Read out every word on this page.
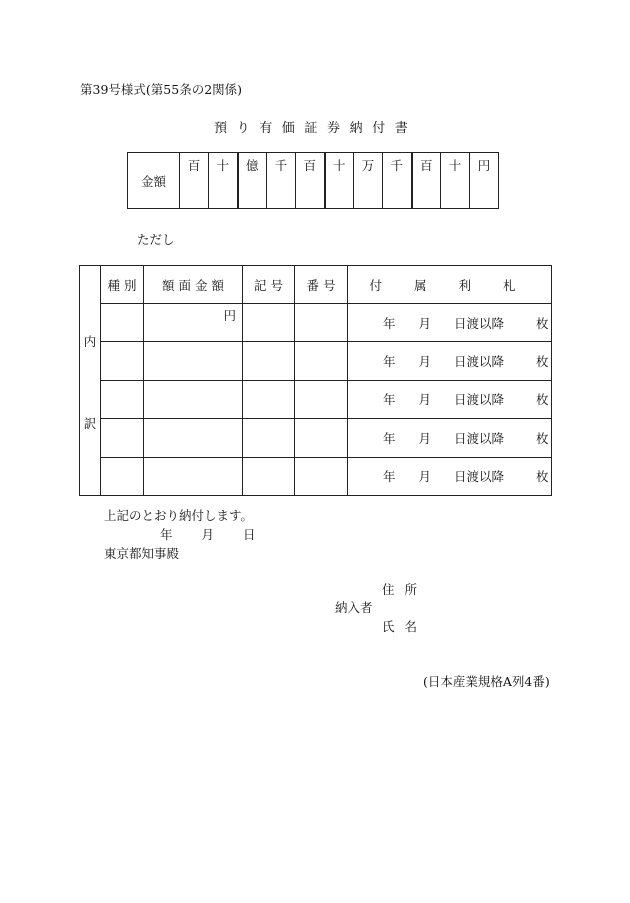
第39号様式(第55条の2関係)
預り有価証券納付書
金額	百	十	億	千	百	十	万	千	百	十	円
ただし
内
訳	種 別	額 面 金 額	記 号	番 号	付 属 利 札
		円			年 月 日渡以降 枚

					年 月 日渡以降 枚

					年 月 日渡以降 枚

					年 月 日渡以降 枚

					年 月 日渡以降 枚
上記のとおり納付します。
年 月 日
東京都知事殿
住 所
納入者
氏 名
(日本産業規格A列4番)
